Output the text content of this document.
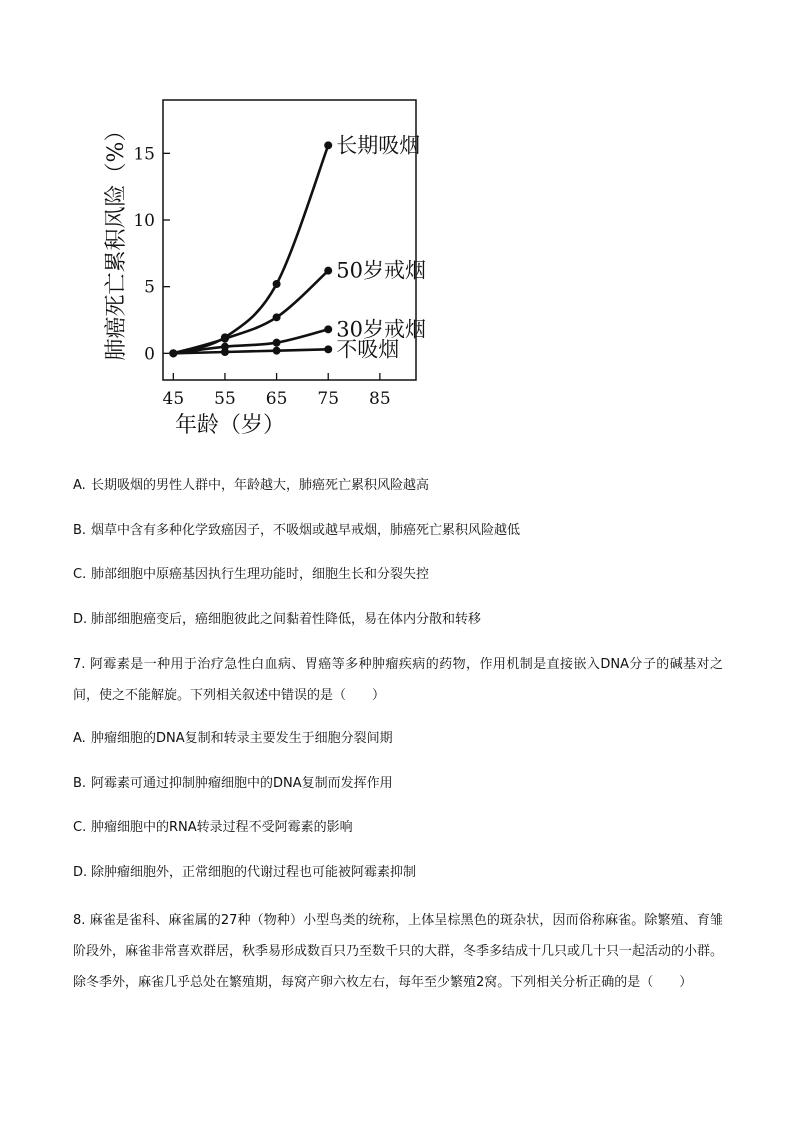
0
5
10
15
45 55 65 75 85
长期吸烟
50岁戒烟
30岁戒烟
不吸烟
肺癌死亡累积风险（%）
年龄（岁）
A. 长期吸烟的男性人群中，年龄越大，肺癌死亡累积风险越高
B. 烟草中含有多种化学致癌因子，不吸烟或越早戒烟，肺癌死亡累积风险越低
C. 肺部细胞中原癌基因执行生理功能时，细胞生长和分裂失控
D. 肺部细胞癌变后，癌细胞彼此之间黏着性降低，易在体内分散和转移
7. 阿霉素是一种用于治疗急性白血病、胃癌等多种肿瘤疾病的药物，作用机制是直接嵌入DNA分子的碱基对之间，使之不能解旋。下列相关叙述中错误的是（　　）
A. 肿瘤细胞的DNA复制和转录主要发生于细胞分裂间期
B. 阿霉素可通过抑制肿瘤细胞中的DNA复制而发挥作用
C. 肿瘤细胞中的RNA转录过程不受阿霉素的影响
D. 除肿瘤细胞外，正常细胞的代谢过程也可能被阿霉素抑制
8. 麻雀是雀科、麻雀属的27种（物种）小型鸟类的统称，上体呈棕黑色的斑杂状，因而俗称麻雀。除繁殖、育雏阶段外，麻雀非常喜欢群居，秋季易形成数百只乃至数千只的大群，冬季多结成十几只或几十只一起活动的小群。除冬季外，麻雀几乎总处在繁殖期，每窝产卵六枚左右，每年至少繁殖2窝。下列相关分析正确的是（　　）
